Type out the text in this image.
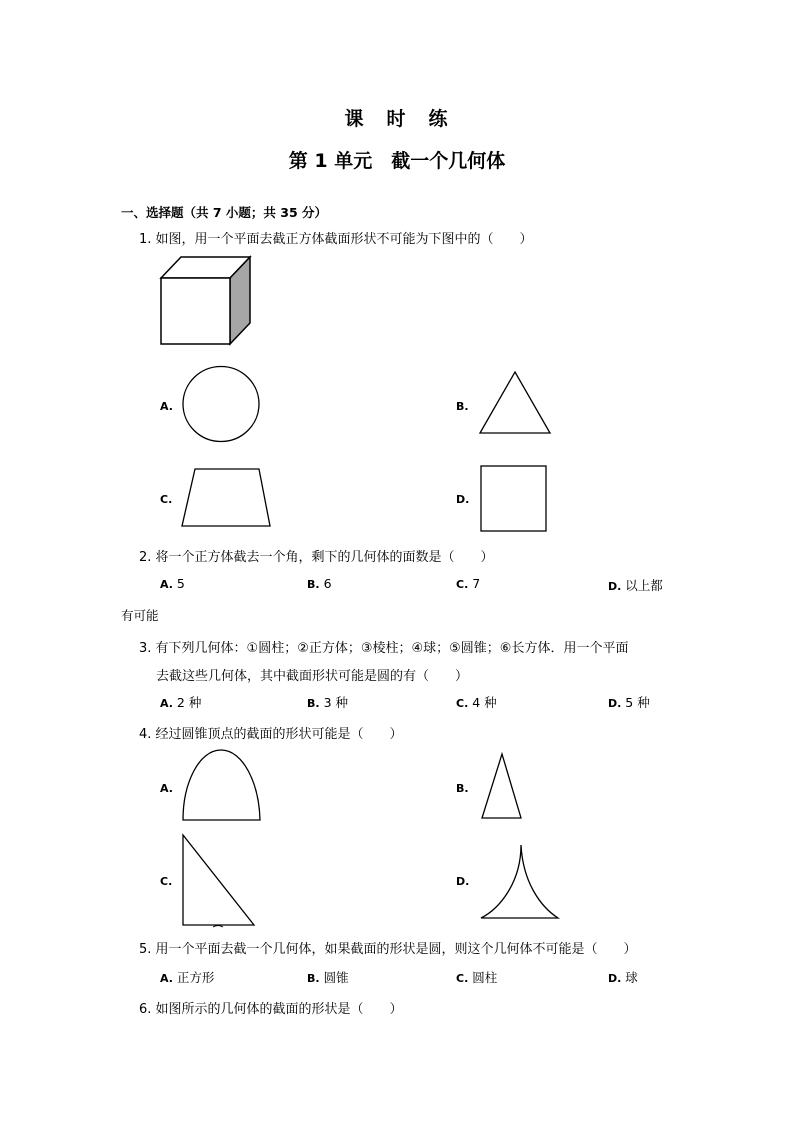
课　时　练
第 1 单元　截一个几何体
一、选择题（共 7 小题；共 35 分）
1. 如图，用一个平面去截正方体截面形状不可能为下图中的（　　）
A.	B.
C.	D.
2. 将一个正方体截去一个角，剩下的几何体的面数是（　　）
A. 5	B. 6	C. 7	D. 以上都
有可能
3. 有下列几何体：①圆柱；②正方体；③棱柱；④球；⑤圆锥；⑥长方体．用一个平面
去截这些几何体，其中截面形状可能是圆的有（　　）
A. 2 种	B. 3 种	C. 4 种	D. 5 种
4. 经过圆锥顶点的截面的形状可能是（　　）
A.	B.
C.	D.
5. 用一个平面去截一个几何体，如果截面的形状是圆，则这个几何体不可能是（　　）
A. 正方形	B. 圆锥	C. 圆柱	D. 球
6. 如图所示的几何体的截面的形状是（　　）
